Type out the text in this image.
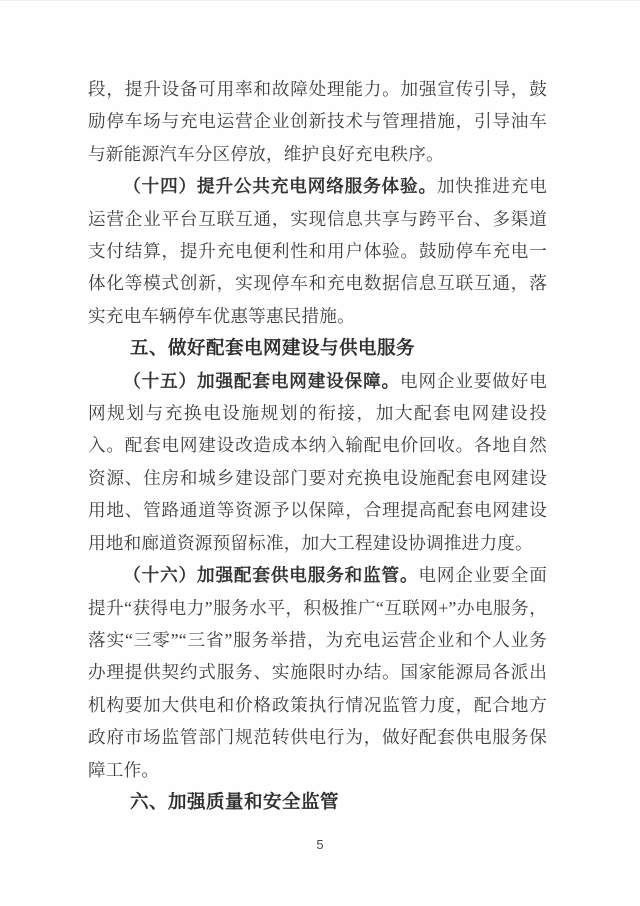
段，提升设备可用率和故障处理能力。加强宣传引导，鼓励停车场与充电运营企业创新技术与管理措施，引导油车与新能源汽车分区停放，维护良好充电秩序。

（十四）提升公共充电网络服务体验。加快推进充电运营企业平台互联互通，实现信息共享与跨平台、多渠道支付结算，提升充电便利性和用户体验。鼓励停车充电一体化等模式创新，实现停车和充电数据信息互联互通，落实充电车辆停车优惠等惠民措施。

五、做好配套电网建设与供电服务

（十五）加强配套电网建设保障。电网企业要做好电网规划与充换电设施规划的衔接，加大配套电网建设投入。配套电网建设改造成本纳入输配电价回收。各地自然资源、住房和城乡建设部门要对充换电设施配套电网建设用地、管路通道等资源予以保障，合理提高配套电网建设用地和廊道资源预留标准，加大工程建设协调推进力度。

（十六）加强配套供电服务和监管。电网企业要全面提升“获得电力”服务水平，积极推广“互联网+”办电服务，落实“三零”“三省”服务举措，为充电运营企业和个人业务办理提供契约式服务、实施限时办结。国家能源局各派出机构要加大供电和价格政策执行情况监管力度，配合地方政府市场监管部门规范转供电行为，做好配套供电服务保障工作。

六、加强质量和安全监管
5
